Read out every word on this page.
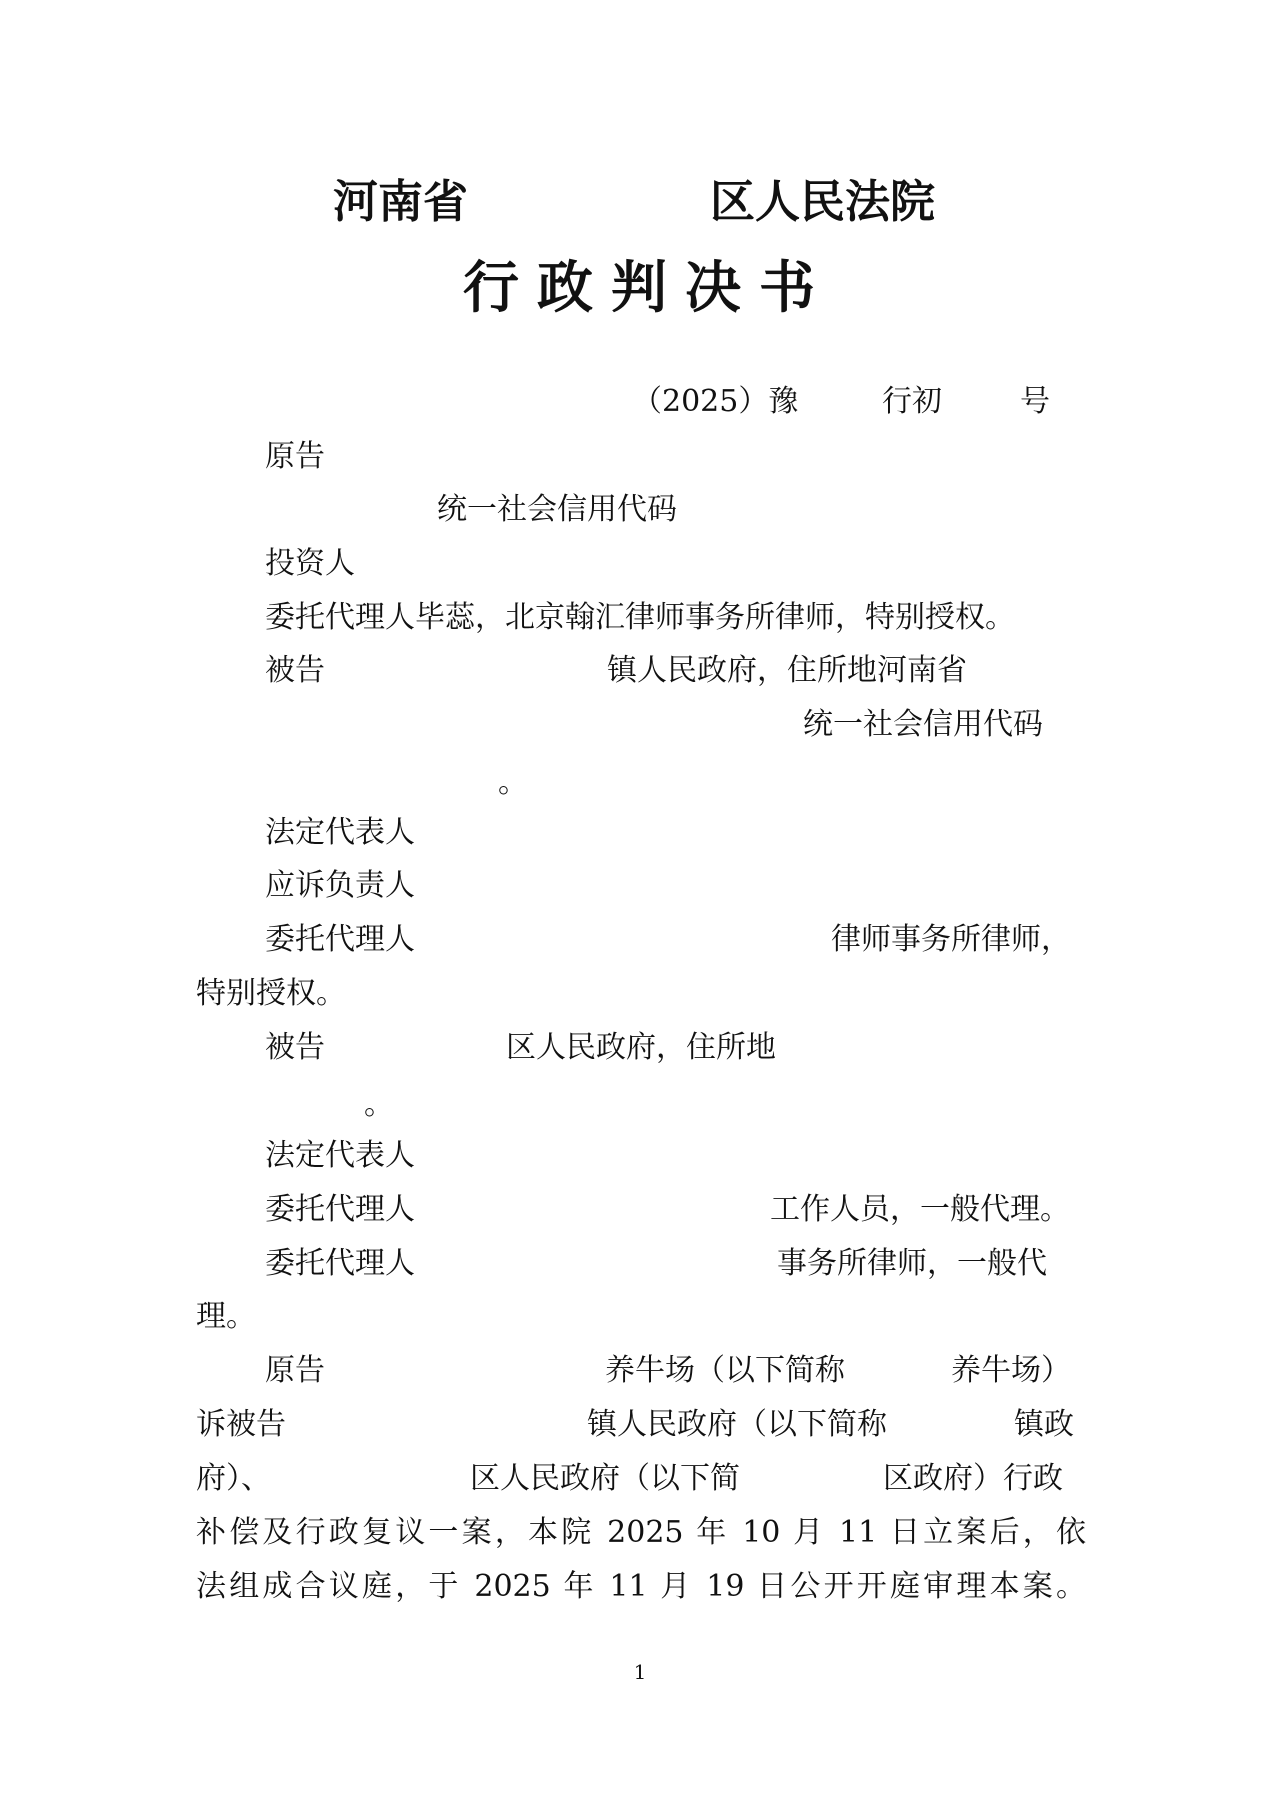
河南省	区人民法院
行政判决书
（2025）豫	行初	号
原告
统一社会信用代码
投资人
委托代理人毕蕊，北京翰汇律师事务所律师，特别授权。
被告	镇人民政府，住所地河南省
统一社会信用代码
。
法定代表人
应诉负责人
委托代理人	律师事务所律师，
特别授权。
被告	区人民政府，住所地
。
法定代表人
委托代理人	工作人员，一般代理。
委托代理人	事务所律师，一般代
理。
原告	养牛场（以下简称	养牛场）
诉被告	镇人民政府（以下简称	镇政
府）、	区人民政府（以下简	区政府）行政
补偿及行政复议一案，本院 2025 年 10 月 11 日立案后，依
法组成合议庭，于 2025 年 11 月 19 日公开开庭审理本案。
1
